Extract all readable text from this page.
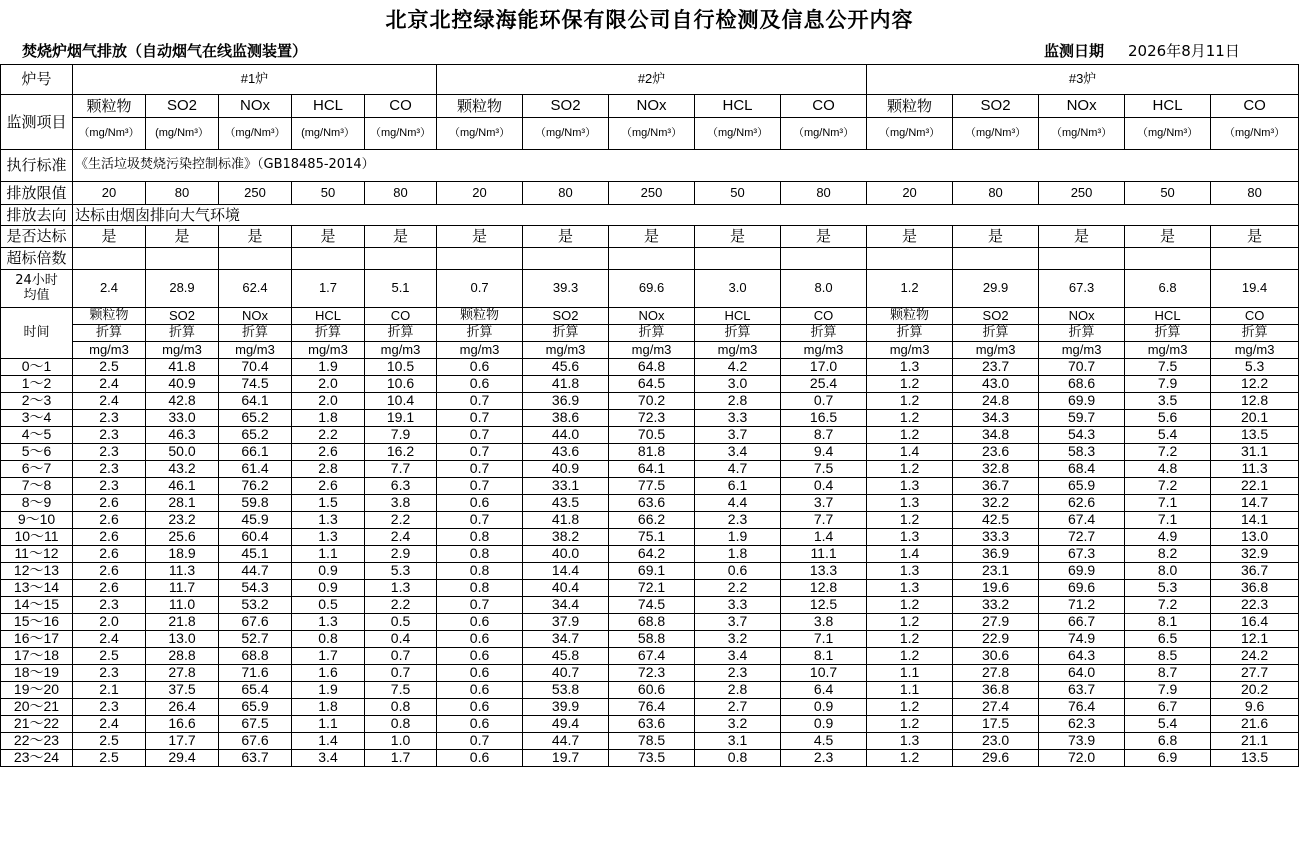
北京北控绿海能环保有限公司自行检测及信息公开内容
焚烧炉烟气排放（自动烟气在线监测装置）	监测日期 2026年8月11日
炉号	#1炉					#2炉					#3炉				
监测项目	颗粒物	SO2	NOx	HCL	CO	颗粒物	SO2	NOx	HCL	CO	颗粒物	SO2	NOx	HCL	CO
	（mg/Nm³）	(mg/Nm³）	（mg/Nm³）	(mg/Nm³）	（mg/Nm³）	（mg/Nm³）	（mg/Nm³）	（mg/Nm³）	（mg/Nm³）	（mg/Nm³）	（mg/Nm³）	（mg/Nm³）	（mg/Nm³）	（mg/Nm³）	（mg/Nm³）
执行标准	《生活垃圾焚烧污染控制标准》（GB18485-2014）														
排放限值	20	80	250	50	80	20	80	250	50	80	20	80	250	50	80
排放去向	达标由烟囱排向大气环境														
是否达标	是	是	是	是	是	是	是	是	是	是	是	是	是	是	是
超标倍数															
24小时均值	2.4	28.9	62.4	1.7	5.1	0.7	39.3	69.6	3.0	8.0	1.2	29.9	67.3	6.8	19.4
时间	颗粒物	SO2	NOx	HCL	CO	颗粒物	SO2	NOx	HCL	CO	颗粒物	SO2	NOx	HCL	CO
	折算	折算	折算	折算	折算	折算	折算	折算	折算	折算	折算	折算	折算	折算	折算
	mg/m3	mg/m3	mg/m3	mg/m3	mg/m3	mg/m3	mg/m3	mg/m3	mg/m3	mg/m3	mg/m3	mg/m3	mg/m3	mg/m3	mg/m3
0～1	2.5	41.8	70.4	1.9	10.5	0.6	45.6	64.8	4.2	17.0	1.3	23.7	70.7	7.5	5.3
1～2	2.4	40.9	74.5	2.0	10.6	0.6	41.8	64.5	3.0	25.4	1.2	43.0	68.6	7.9	12.2
2～3	2.4	42.8	64.1	2.0	10.4	0.7	36.9	70.2	2.8	0.7	1.2	24.8	69.9	3.5	12.8
3～4	2.3	33.0	65.2	1.8	19.1	0.7	38.6	72.3	3.3	16.5	1.2	34.3	59.7	5.6	20.1
4～5	2.3	46.3	65.2	2.2	7.9	0.7	44.0	70.5	3.7	8.7	1.2	34.8	54.3	5.4	13.5
5～6	2.3	50.0	66.1	2.6	16.2	0.7	43.6	81.8	3.4	9.4	1.4	23.6	58.3	7.2	31.1
6～7	2.3	43.2	61.4	2.8	7.7	0.7	40.9	64.1	4.7	7.5	1.2	32.8	68.4	4.8	11.3
7～8	2.3	46.1	76.2	2.6	6.3	0.7	33.1	77.5	6.1	0.4	1.3	36.7	65.9	7.2	22.1
8～9	2.6	28.1	59.8	1.5	3.8	0.6	43.5	63.6	4.4	3.7	1.3	32.2	62.6	7.1	14.7
9～10	2.6	23.2	45.9	1.3	2.2	0.7	41.8	66.2	2.3	7.7	1.2	42.5	67.4	7.1	14.1
10～11	2.6	25.6	60.4	1.3	2.4	0.8	38.2	75.1	1.9	1.4	1.3	33.3	72.7	4.9	13.0
11～12	2.6	18.9	45.1	1.1	2.9	0.8	40.0	64.2	1.8	11.1	1.4	36.9	67.3	8.2	32.9
12～13	2.6	11.3	44.7	0.9	5.3	0.8	14.4	69.1	0.6	13.3	1.3	23.1	69.9	8.0	36.7
13～14	2.6	11.7	54.3	0.9	1.3	0.8	40.4	72.1	2.2	12.8	1.3	19.6	69.6	5.3	36.8
14～15	2.3	11.0	53.2	0.5	2.2	0.7	34.4	74.5	3.3	12.5	1.2	33.2	71.2	7.2	22.3
15～16	2.0	21.8	67.6	1.3	0.5	0.6	37.9	68.8	3.7	3.8	1.2	27.9	66.7	8.1	16.4
16～17	2.4	13.0	52.7	0.8	0.4	0.6	34.7	58.8	3.2	7.1	1.2	22.9	74.9	6.5	12.1
17～18	2.5	28.8	68.8	1.7	0.7	0.6	45.8	67.4	3.4	8.1	1.2	30.6	64.3	8.5	24.2
18～19	2.3	27.8	71.6	1.6	0.7	0.6	40.7	72.3	2.3	10.7	1.1	27.8	64.0	8.7	27.7
19～20	2.1	37.5	65.4	1.9	7.5	0.6	53.8	60.6	2.8	6.4	1.1	36.8	63.7	7.9	20.2
20～21	2.3	26.4	65.9	1.8	0.8	0.6	39.9	76.4	2.7	0.9	1.2	27.4	76.4	6.7	9.6
21～22	2.4	16.6	67.5	1.1	0.8	0.6	49.4	63.6	3.2	0.9	1.2	17.5	62.3	5.4	21.6
22～23	2.5	17.7	67.6	1.4	1.0	0.7	44.7	78.5	3.1	4.5	1.3	23.0	73.9	6.8	21.1
23～24	2.5	29.4	63.7	3.4	1.7	0.6	19.7	73.5	0.8	2.3	1.2	29.6	72.0	6.9	13.5
